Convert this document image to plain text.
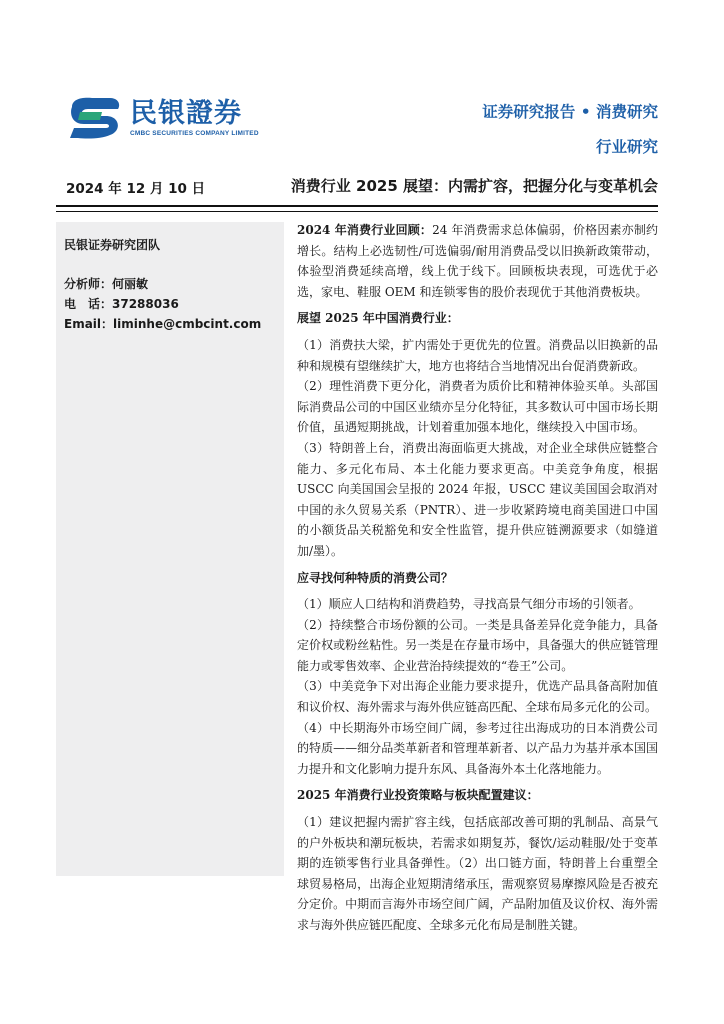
民银證券
CMBC SECURITIES COMPANY LIMITED
证券研究报告 • 消费研究
行业研究
2024 年 12 月 10 日	消费行业 2025 展望：内需扩容，把握分化与变革机会
民银证券研究团队
分析师：何丽敏
电　话：37288036
Email：liminhe@cmbcint.com

2024 年消费行业回顾：24 年消费需求总体偏弱，价格因素亦制约增长。结构上必选韧性/可选偏弱/耐用消费品受以旧换新政策带动，体验型消费延续高增，线上优于线下。回顾板块表现，可选优于必选，家电、鞋服 OEM 和连锁零售的股价表现优于其他消费板块。

展望 2025 年中国消费行业：

（1）消费扶大梁，扩内需处于更优先的位置。消费品以旧换新的品种和规模有望继续扩大，地方也将结合当地情况出台促消费新政。

（2）理性消费下更分化，消费者为质价比和精神体验买单。头部国际消费品公司的中国区业绩亦呈分化特征，其多数认可中国市场长期价值，虽遇短期挑战，计划着重加强本地化，继续投入中国市场。

（3）特朗普上台，消费出海面临更大挑战，对企业全球供应链整合能力、多元化布局、本土化能力要求更高。中美竞争角度，根据 USCC 向美国国会呈报的 2024 年报，USCC 建议美国国会取消对中国的永久贸易关系（PNTR）、进一步收紧跨境电商美国进口中国的小额货品关税豁免和安全性监管，提升供应链溯源要求（如缝道加/墨）。

应寻找何种特质的消费公司？

（1）顺应人口结构和消费趋势，寻找高景气细分市场的引领者。

（2）持续整合市场份额的公司。一类是具备差异化竞争能力，具备定价权或粉丝粘性。另一类是在存量市场中，具备强大的供应链管理能力或零售效率、企业营治持续提效的“卷王”公司。

（3）中美竞争下对出海企业能力要求提升，优选产品具备高附加值和议价权、海外需求与海外供应链高匹配、全球布局多元化的公司。

（4）中长期海外市场空间广阔，参考过往出海成功的日本消费公司的特质——细分品类革新者和管理革新者、以产品力为基并承本国国力提升和文化影响力提升东风、具备海外本土化落地能力。

2025 年消费行业投资策略与板块配置建议：

（1）建议把握内需扩容主线，包括底部改善可期的乳制品、高景气的户外板块和潮玩板块，若需求如期复苏，餐饮/运动鞋服/处于变革期的连锁零售行业具备弹性。（2）出口链方面，特朗普上台重塑全球贸易格局，出海企业短期清绪承压，需观察贸易摩擦风险是否被充分定价。中期而言海外市场空间广阔，产品附加值及议价权、海外需求与海外供应链匹配度、全球多元化布局是制胜关键。
